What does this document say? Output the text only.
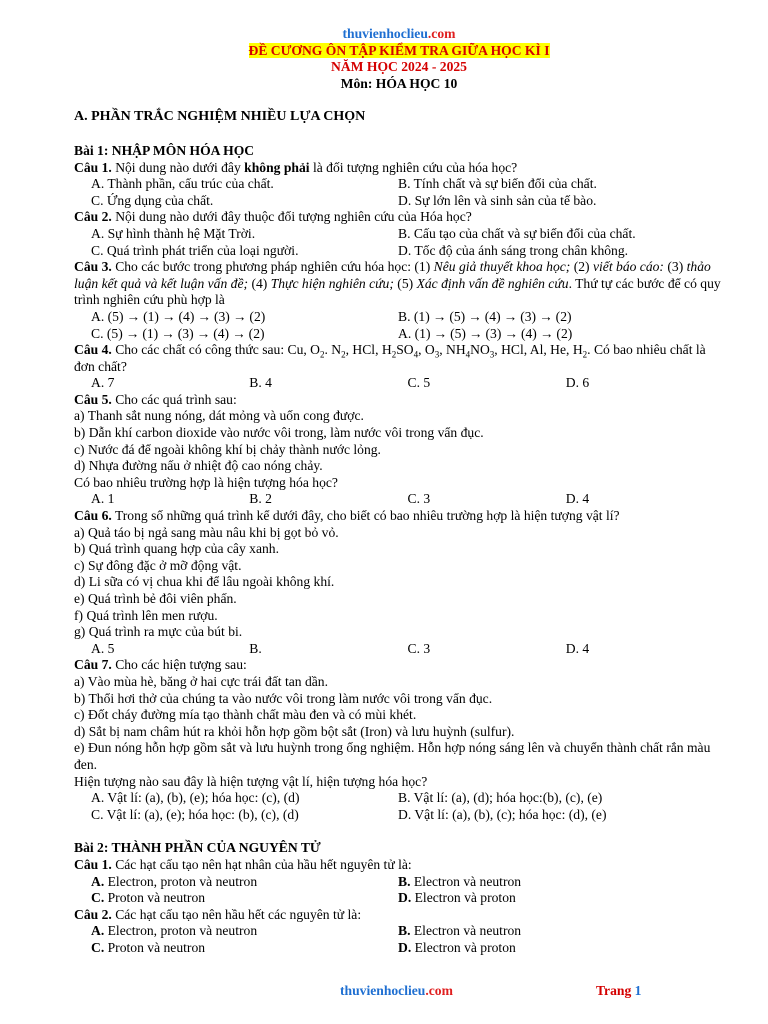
thuvienhoclieu.com
ĐỀ CƯƠNG ÔN TẬP KIỂM TRA GIỮA HỌC KÌ I
NĂM HỌC 2024 - 2025
Môn: HÓA HỌC 10
A. PHẦN TRẮC NGHIỆM NHIỀU LỰA CHỌN
Bài 1: NHẬP MÔN HÓA HỌC
Câu 1. Nội dung nào dưới đây không phải là đối tượng nghiên cứu của hóa học?
A. Thành phần, cấu trúc của chất.	B. Tính chất và sự biến đổi của chất.
C. Ứng dụng của chất.	D. Sự lớn lên và sinh sản của tế bào.
Câu 2. Nội dung nào dưới đây thuộc đối tượng nghiên cứu của Hóa học?
A. Sự hình thành hệ Mặt Trời.	B. Cấu tạo của chất và sự biến đổi của chất.
C. Quá trình phát triển của loại người.	D. Tốc độ của ánh sáng trong chân không.
Câu 3. Cho các bước trong phương pháp nghiên cứu hóa học: (1) Nêu giả thuyết khoa học; (2) viết báo cáo: (3) thảo luận kết quả và kết luận vấn đề; (4) Thực hiện nghiên cứu; (5) Xác định vấn đề nghiên cứu. Thứ tự các bước để có quy trình nghiên cứu phù hợp là
A. (5) → (1) → (4) → (3) → (2)	B. (1) → (5) → (4) → (3) → (2)
C. (5) → (1) → (3) → (4) → (2)	A. (1) → (5) → (3) → (4) → (2)
Câu 4. Cho các chất có công thức sau: Cu, $O_2$. $N_2$, HCl, $H_2SO_4$, $O_3$, $NH_4NO_3$, HCl, Al, He, $H_2$. Có bao nhiêu chất là đơn chất?
A. 7	B. 4	C. 5	D. 6
Câu 5. Cho các quá trình sau:
a) Thanh sắt nung nóng, dát mỏng và uốn cong được.
b) Dẫn khí carbon dioxide vào nước vôi trong, làm nước vôi trong vẩn đục.
c) Nước đá để ngoài không khí bị chảy thành nước lỏng.
d) Nhựa đường nấu ở nhiệt độ cao nóng chảy.
Có bao nhiêu trường hợp là hiện tượng hóa học?
A. 1	B. 2	C. 3	D. 4
Câu 6. Trong số những quá trình kể dưới đây, cho biết có bao nhiêu trường hợp là hiện tượng vật lí?
a) Quả táo bị ngả sang màu nâu khi bị gọt bỏ vỏ.
b) Quá trình quang hợp của cây xanh.
c) Sự đông đặc ở mỡ động vật.
d) Li sữa có vị chua khi để lâu ngoài không khí.
e) Quá trình bẻ đôi viên phấn.
f) Quá trình lên men rượu.
g) Quá trình ra mực của bút bi.
A. 5	B.	C. 3	D. 4
Câu 7. Cho các hiện tượng sau:
a) Vào mùa hè, băng ở hai cực trái đất tan dần.
b) Thổi hơi thở của chúng ta vào nước vôi trong làm nước vôi trong vẩn đục.
c) Đốt cháy đường mía tạo thành chất màu đen và có mùi khét.
d) Sắt bị nam châm hút ra khỏi hỗn hợp gồm bột sắt (Iron) và lưu huỳnh (sulfur).
e) Đun nóng hỗn hợp gồm sắt và lưu huỳnh trong ống nghiệm. Hỗn hợp nóng sáng lên và chuyển thành chất rắn màu đen.
Hiện tượng nào sau đây là hiện tượng vật lí, hiện tượng hóa học?
A. Vật lí: (a), (b), (e); hóa học: (c), (d)	B. Vật lí: (a), (d); hóa học:(b), (c), (e)
C. Vật lí: (a), (e); hóa học: (b), (c), (d)	D. Vật lí: (a), (b), (c); hóa học: (d), (e)
Bài 2: THÀNH PHẦN CỦA NGUYÊN TỬ
Câu 1. Các hạt cấu tạo nên hạt nhân của hầu hết nguyên tử là:
A. Electron, proton và neutron	B. Electron và neutron
C. Proton và neutron	D. Electron và proton
Câu 2. Các hạt cấu tạo nên hầu hết các nguyên tử là:
A. Electron, proton và neutron	B. Electron và neutron
C. Proton và neutron	D. Electron và proton
thuvienhoclieu.com	Trang 1
